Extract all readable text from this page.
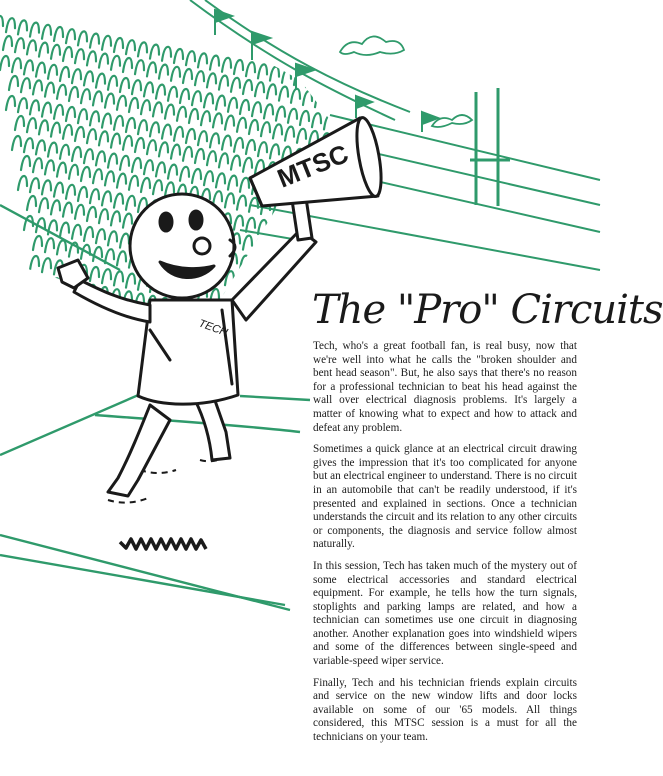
MTSC
TECH The "Pro" Circuits

Tech, who's a great football fan, is real busy, now that we're well into what he calls the "broken shoulder and bent head season". But, he also says that there's no reason for a professional technician to beat his head against the wall over electrical diagnosis problems. It's largely a matter of knowing what to expect and how to attack and defeat any problem.

Sometimes a quick glance at an electrical circuit drawing gives the impression that it's too complicated for anyone but an electrical engineer to understand. There is no circuit in an automobile that can't be readily understood, if it's presented and explained in sections. Once a technician understands the circuit and its relation to any other circuits or components, the diagnosis and service follow almost naturally.

In this session, Tech has taken much of the mystery out of some electrical accessories and standard electrical equipment. For example, he tells how the turn signals, stoplights and parking lamps are related, and how a technician can sometimes use one circuit in diagnosing another. Another explanation goes into windshield wipers and some of the differences between single-speed and variable-speed wiper service.

Finally, Tech and his technician friends explain circuits and service on the new window lifts and door locks available on some of our '65 models. All things considered, this MTSC session is a must for all the technicians on your team.
